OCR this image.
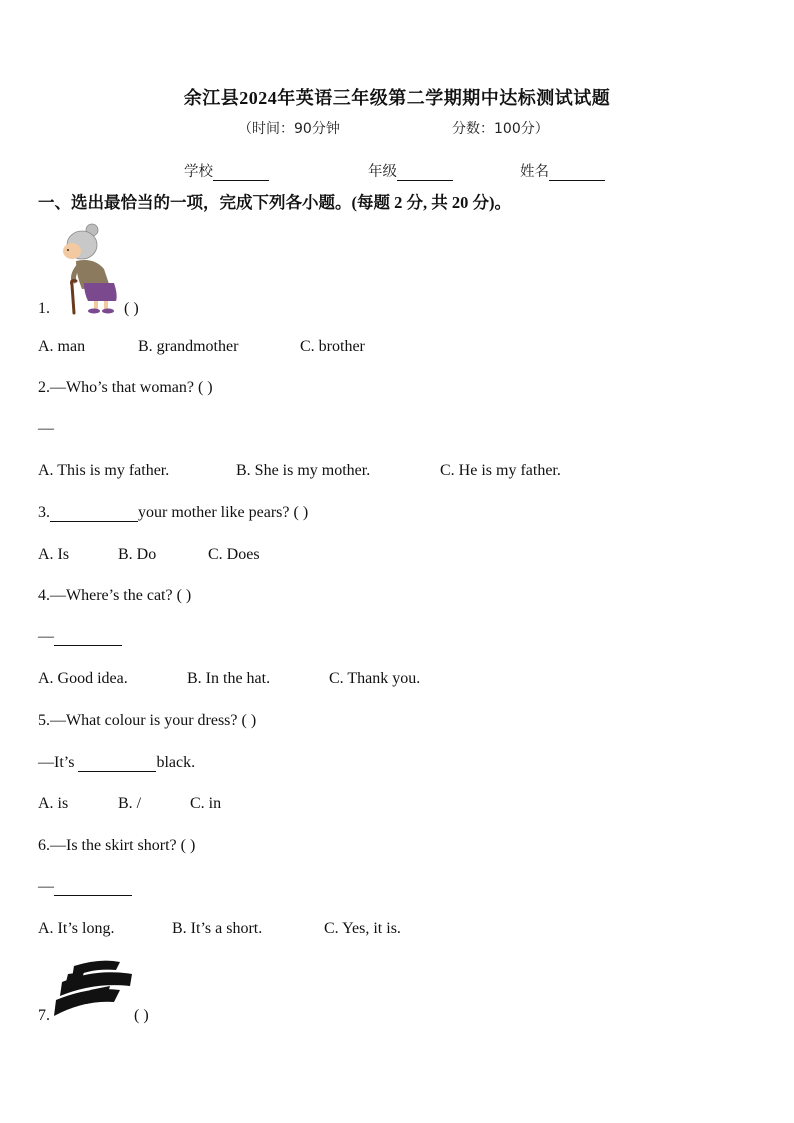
余江县2024年英语三年级第二学期期中达标测试试题
（时间：90分钟	分数：100分）
学校	年级	姓名
一、选出最恰当的一项，完成下列各小题。(每题 2 分, 共 20 分)。
1.	( )
A. man	B. grandmother	C. brother
2.—Who’s that woman? ( )
—
A. This is my father.	B. She is my mother.	C. He is my father.
3.	your mother like pears? ( )
A. Is	B. Do	C. Does
4.—Where’s the cat? ( )
—
A. Good idea.	B. In the hat.	C. Thank you.
5.—What colour is your dress? ( )
—It’s	black.
A. is	B. /	C. in
6.—Is the skirt short? ( )
—
A. It’s long.	B. It’s a short.	C. Yes, it is.
7.	( )
